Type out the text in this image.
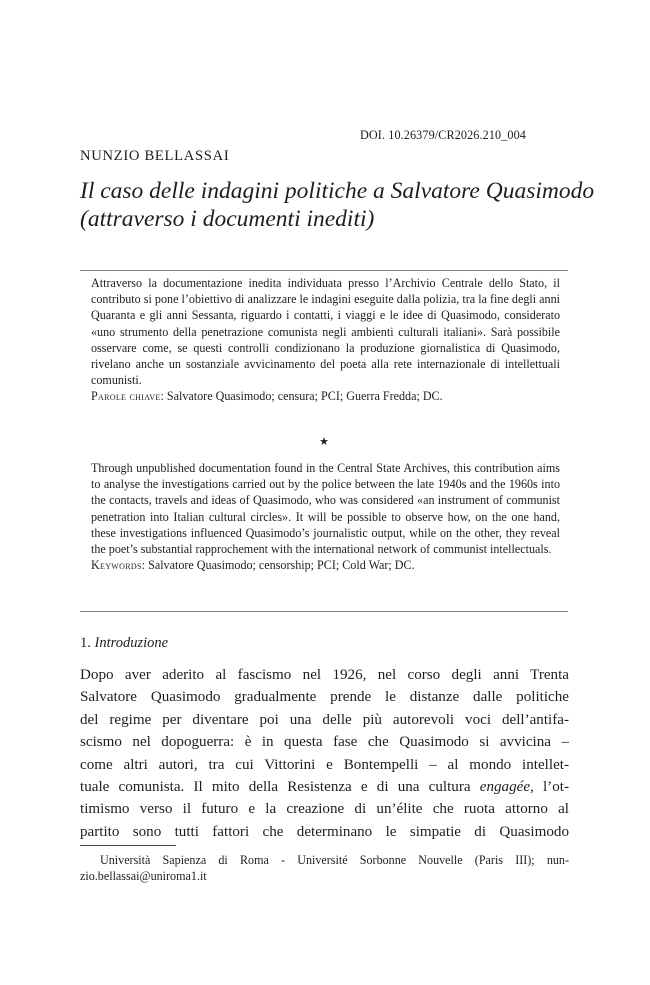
DOI. 10.26379/CR2026.210_004
NUNZIO BELLASSAI
Il caso delle indagini politiche a Salvatore Quasimodo
(attraverso i documenti inediti)

Attraverso la documentazione inedita individuata presso l’Archivio Centrale dello Stato, il contributo si pone l’obiettivo di analizzare le indagini eseguite dalla polizia, tra la fine degli anni Quaranta e gli anni Sessanta, riguardo i contatti, i viaggi e le idee di Quasimodo, considerato «uno strumento della penetrazione comunista negli ambienti culturali italiani». Sarà possibile osservare come, se questi controlli condizionano la produzione giornalistica di Quasimodo, rivelano anche un sostanziale avvicinamento del poeta alla rete internazionale di intellettuali comunisti.
Parole chiave: Salvatore Quasimodo; censura; PCI; Guerra Fredda; DC.

★

Through unpublished documentation found in the Central State Archives, this contribution aims to analyse the investigations carried out by the police between the late 1940s and the 1960s into the contacts, travels and ideas of Quasimodo, who was considered «an instrument of communist penetration into Italian cultural circles». It will be possible to observe how, on the one hand, these investigations influenced Quasimodo’s journalistic output, while on the other, they reveal the poet’s substantial rapprochement with the international network of communist intellectuals.
Keywords: Salvatore Quasimodo; censorship; PCI; Cold War; DC.

1. Introduzione

Dopo aver aderito al fascismo nel 1926, nel corso degli anni Trenta
Salvatore Quasimodo gradualmente prende le distanze dalle politiche
del regime per diventare poi una delle più autorevoli voci dell’antifa-
scismo nel dopoguerra: è in questa fase che Quasimodo si avvicina –
come altri autori, tra cui Vittorini e Bontempelli – al mondo intellet-
tuale comunista. Il mito della Resistenza e di una cultura engagée, l’ot-
timismo verso il futuro e la creazione di un’élite che ruota attorno al
partito sono tutti fattori che determinano le simpatie di Quasimodo

Università Sapienza di Roma - Université Sorbonne Nouvelle (Paris III); nun-
zio.bellassai@uniroma1.it
